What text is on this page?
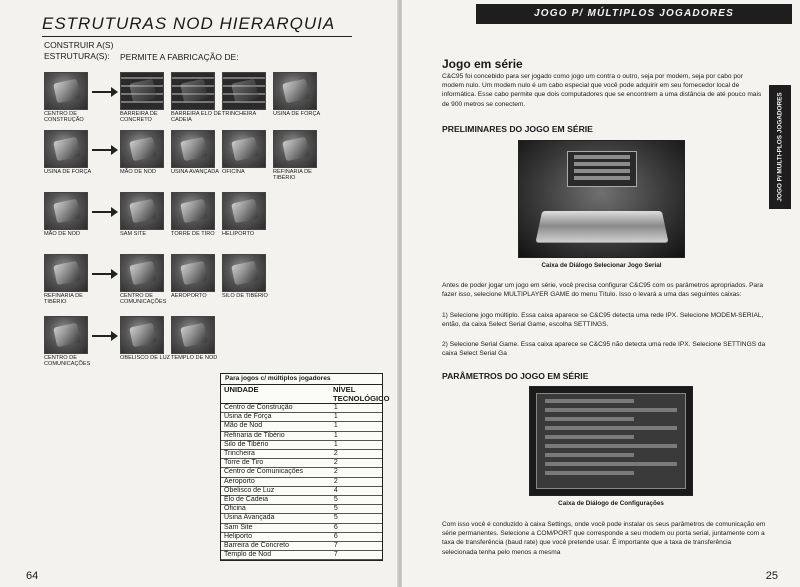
ESTRUTURAS NOD HIERARQUIA
CONSTRUIR A(S)
ESTRUTURA(S):	PERMITE A FABRICAÇÃO DE:
CENTRO DE CONSTRUÇÃO
BARREIRA DE CONCRETO
BARREIRA ELO DE CADEIA
TRINCHEIRA	USINA DE FORÇA
USINA DE FORÇA	MÃO DE NOD	USINA AVANÇADA OFICINA	REFINARIA DE TIBÉRIO
MÃO DE NOD	SAM SITE	TORRE DE TIRO	HELIPORTO
REFINARIA DE TIBÉRIO
CENTRO DE COMUNICAÇÕES
AEROPORTO	SILO DE TIBÉRIO
CENTRO DE COMUNICAÇÕES
OBELISCO DE LUZ TEMPLO DE NOD
Para jogos c/ múltiplos jogadores
UNIDADE	NÍVEL TECNOLÓGICO
Centro de Construção	1
Usina de Força	1
Mão de Nod	1
Refinaria de Tibério	1
Silo de Tibério	1
Trincheira	2
Torre de Tiro	2
Centro de Comunicações	2
Aeroporto	2
Obelisco de Luz	4
Elo de Cadeia	5
Oficina	5
Usina Avançada	5
Sam Site	6
Heliporto	6
Barreira de Concreto	7
Templo de Nod	7
64
JOGO P/ MÚLTIPLOS JOGADORES
JOGO P/ MULTI-PLOS JOGADORES
Jogo em série
C&C95 foi concebido para ser jogado como jogo um contra o outro, seja por modem, seja por cabo por modem nulo. Um modem nulo é um cabo especial que você pode adquirir em seu fornecedor local de informática. Esse cabo permite que dois computadores que se encontrem a uma distância de até pouco mais de 900 metros se conectem.
PRELIMINARES DO JOGO EM SÉRIE
Caixa de Diálogo Selecionar Jogo Serial
Antes de poder jogar um jogo em série, você precisa configurar C&C95 com os parâmetros apropriados. Para fazer isso, selecione MULTIPLAYER GAME do menu Título. Isso o levará a uma das seguintes caixas:
1) Selecione jogo múltiplo. Essa caixa aparece se C&C95 detecta uma rede IPX. Selecione MODEM-SERIAL, então, da caixa Select Serial Game, escolha SETTINGS.
2) Selecione Serial Game. Essa caixa aparece se C&C95 não detecta uma rede IPX. Selecione SETTINGS da caixa Select Serial Ga
PARÂMETROS DO JOGO EM SÉRIE
Caixa de Diálogo de Configurações
Com isso você é conduzido à caixa Settings, onde você pode instalar os seus parâmetros de comunicação em série permanentes. Selecione a COM/PORT que corresponde a seu modem ou porta serial, juntamente com a taxa de transferência (baud rate) que você pretende usar. É importante que a taxa de transferência selecionada tenha pelo menos a mesma
25
